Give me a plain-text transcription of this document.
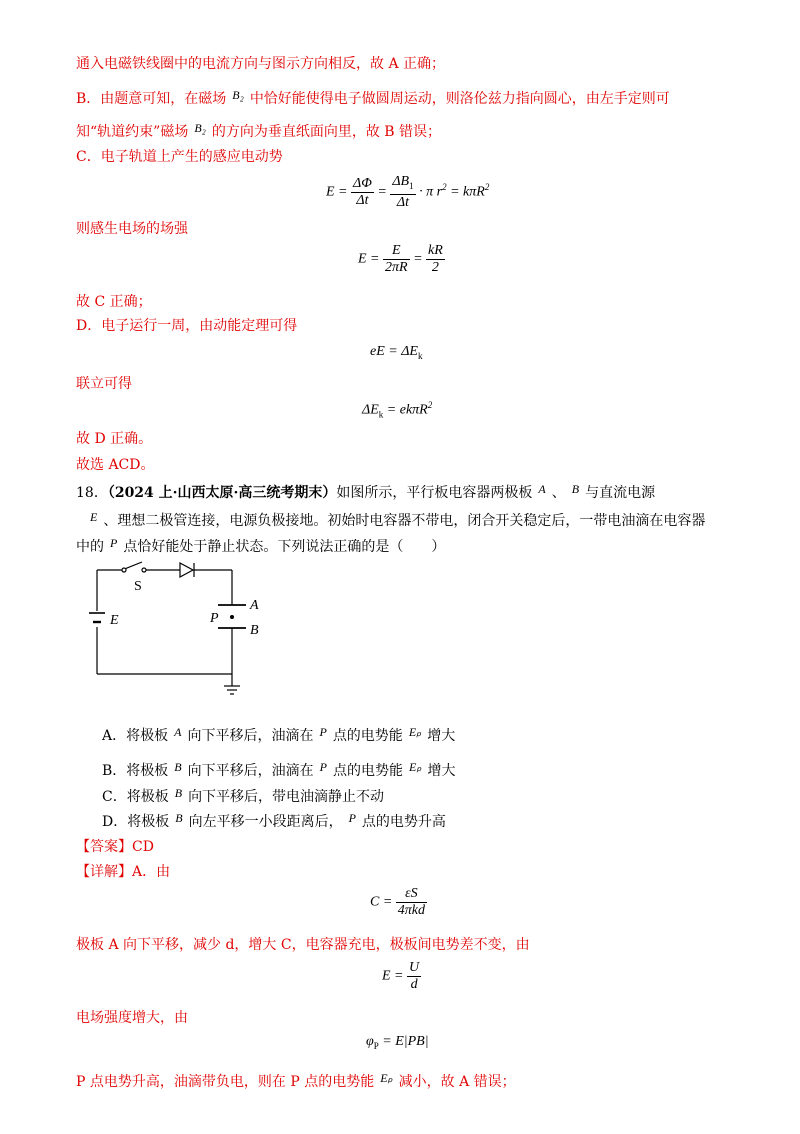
通入电磁铁线圈中的电流方向与图示方向相反，故 A 正确；
B．由题意可知，在磁场 B₂ 中恰好能使得电子做圆周运动，则洛伦兹力指向圆心，由左手定则可
知“轨道约束”磁场 B₂ 的方向为垂直纸面向里，故 B 错误；
C．电子轨道上产生的感应电动势
$E = \frac{\Delta\Phi}{\Delta t} = \frac{\Delta B_1}{\Delta t} \cdot \pi$ $r^2 = k\pi R^2$
则感生电场的场强
$E = \frac{E}{2\pi R} = \frac{kR}{2}$
故 C 正确；
D．电子运行一周，由动能定理可得
eE = $\Delta E_k$
联立可得
$\Delta E_k = ek\pi R^2$
故 D 正确。
故选 ACD。
18．（2024 上·山西太原·高三统考期末）如图所示，平行板电容器两极板 A 、 B 与直流电源
E 、理想二极管连接，电源负极接地。初始时电容器不带电，闭合开关稳定后，一带电油滴在电容器
中的 P 点恰好能处于静止状态。下列说法正确的是（　　）
S
E
A
B
P
A．将极板 A 向下平移后，油滴在 P 点的电势能 Eₚ 增大
B．将极板 B 向下平移后，油滴在 P 点的电势能 Eₚ 增大
C．将极板 B 向下平移后，带电油滴静止不动
D．将极板 B 向左平移一小段距离后， P 点的电势升高
【答案】CD
【详解】A．由
$C = \frac{\varepsilon S}{\text{4πkd}}$
极板 A 向下平移，减少 d，增大 C，电容器充电，极板间电势差不变，由
$E = \frac{U}{d}$
电场强度增大，由
$\varphi_P = E|PB|$
P 点电势升高，油滴带负电，则在 P 点的电势能 Eₚ 减小，故 A 错误；
